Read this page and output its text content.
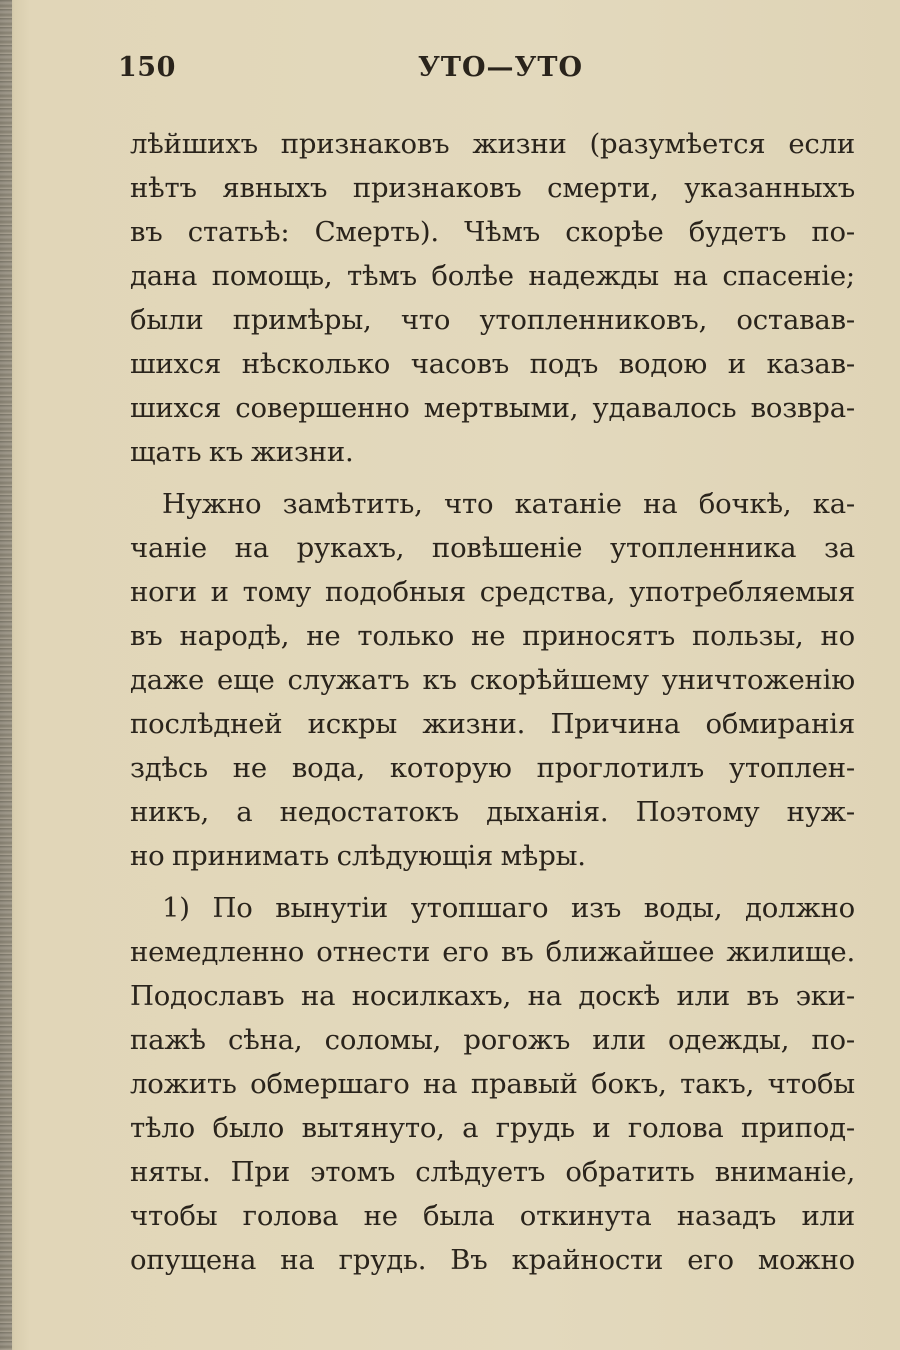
150	УТО—УТО
лѣйшихъ признаковъ жизни (разумѣется если
нѣтъ явныхъ признаковъ смерти, указанныхъ
въ статьѣ: Смерть). Чѣмъ скорѣе будетъ по-
дана помощь, тѣмъ болѣе надежды на спасеніе;
были примѣры, что утопленниковъ, оставав-
шихся нѣсколько часовъ подъ водою и казав-
шихся совершенно мертвыми, удавалось возвра-
щать къ жизни.
Нужно замѣтить, что катаніе на бочкѣ, ка-
чаніе на рукахъ, повѣшеніе утопленника за
ноги и тому подобныя средства, употребляемыя
въ народѣ, не только не приносятъ пользы, но
даже еще служатъ къ скорѣйшему уничтоженію
послѣдней искры жизни. Причина обмиранія
здѣсь не вода, которую проглотилъ утоплен-
никъ, а недостатокъ дыханія. Поэтому нуж-
но принимать слѣдующія мѣры.
1) По вынутіи утопшаго изъ воды, должно
немедленно отнести его въ ближайшее жилище.
Подославъ на носилкахъ, на доскѣ или въ эки-
пажѣ сѣна, соломы, рогожъ или одежды, по-
ложить обмершаго на правый бокъ, такъ, чтобы
тѣло было вытянуто, а грудь и голова припод-
няты. При этомъ слѣдуетъ обратить вниманіе,
чтобы голова не была откинута назадъ или
опущена на грудь. Въ крайности его можно
